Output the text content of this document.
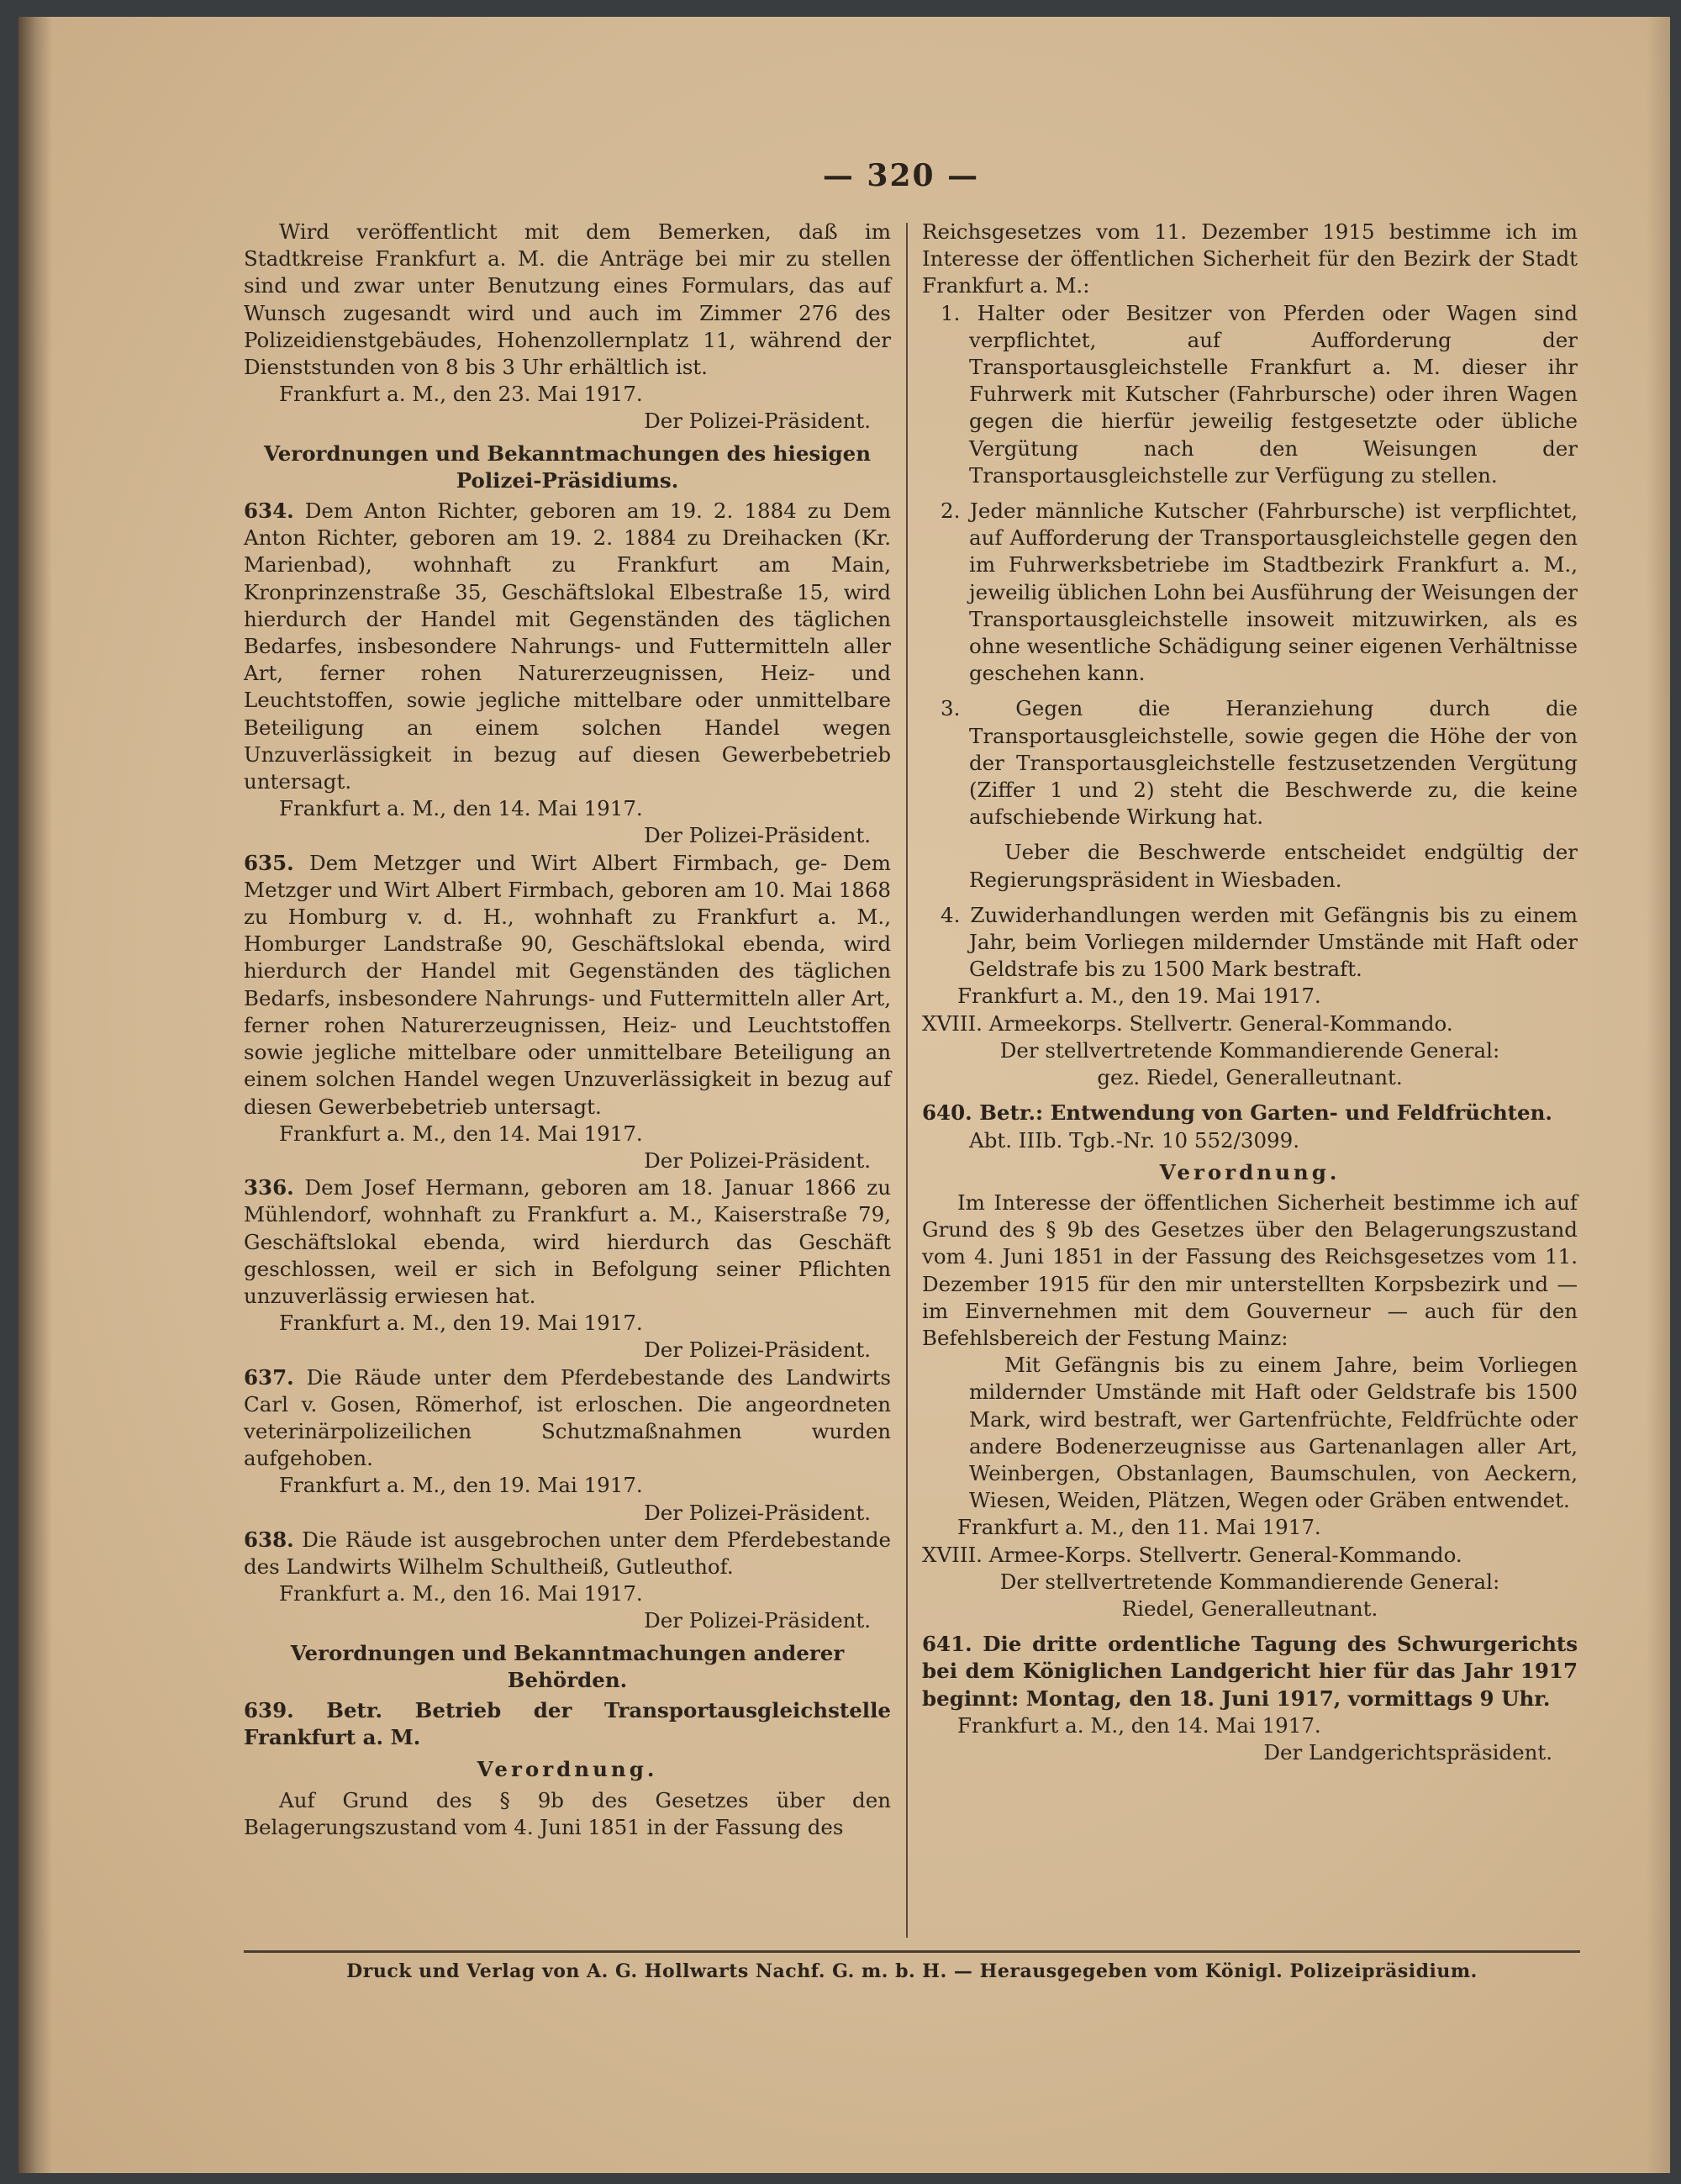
— 320 —

Wird veröffentlicht mit dem Bemerken, daß im Stadtkreise Frankfurt a. M. die Anträge bei mir zu stellen sind und zwar unter Benutzung eines Formulars, das auf Wunsch zugesandt wird und auch im Zimmer 276 des Polizeidienstgebäudes, Hohenzollernplatz 11, während der Dienststunden von 8 bis 3 Uhr erhältlich ist.

Frankfurt a. M., den 23. Mai 1917.

Der Polizei-Präsident.

Verordnungen und Bekanntmachungen des hiesigen Polizei-Präsidiums.

634. Dem Anton Richter, geboren am 19. 2. 1884 zu Dem Anton Richter, geboren am 19. 2. 1884 zu Dreihacken (Kr. Marienbad), wohnhaft zu Frankfurt am Main, Kronprinzenstraße 35, Geschäftslokal Elbestraße 15, wird hierdurch der Handel mit Gegenständen des täglichen Bedarfes, insbesondere Nahrungs- und Futtermitteln aller Art, ferner rohen Naturerzeugnissen, Heiz- und Leuchtstoffen, sowie jegliche mittelbare oder unmittelbare Beteiligung an einem solchen Handel wegen Unzuverlässigkeit in bezug auf diesen Gewerbebetrieb untersagt.

Frankfurt a. M., den 14. Mai 1917.

Der Polizei-Präsident.

635. Dem Metzger und Wirt Albert Firmbach, ge- Dem Metzger und Wirt Albert Firmbach, geboren am 10. Mai 1868 zu Homburg v. d. H., wohnhaft zu Frankfurt a. M., Homburger Landstraße 90, Geschäftslokal ebenda, wird hierdurch der Handel mit Gegenständen des täglichen Bedarfs, insbesondere Nahrungs- und Futtermitteln aller Art, ferner rohen Naturerzeugnissen, Heiz- und Leuchtstoffen sowie jegliche mittelbare oder unmittelbare Beteiligung an einem solchen Handel wegen Unzuverlässigkeit in bezug auf diesen Gewerbebetrieb untersagt.

Frankfurt a. M., den 14. Mai 1917.

Der Polizei-Präsident.

336. Dem Josef Hermann, geboren am 18. Januar 1866 zu Mühlendorf, wohnhaft zu Frankfurt a. M., Kaiserstraße 79, Geschäftslokal ebenda, wird hierdurch das Geschäft geschlossen, weil er sich in Befolgung seiner Pflichten unzuverlässig erwiesen hat.

Frankfurt a. M., den 19. Mai 1917.

Der Polizei-Präsident.

637. Die Räude unter dem Pferdebestande des Landwirts Carl v. Gosen, Römerhof, ist erloschen. Die angeordneten veterinärpolizeilichen Schutzmaßnahmen wurden aufgehoben.

Frankfurt a. M., den 19. Mai 1917.

Der Polizei-Präsident.

638. Die Räude ist ausgebrochen unter dem Pferdebestande des Landwirts Wilhelm Schultheiß, Gutleuthof.

Frankfurt a. M., den 16. Mai 1917.

Der Polizei-Präsident.

Verordnungen und Bekanntmachungen anderer Behörden.

639. Betr. Betrieb der Transportausgleichstelle Frankfurt a. M.

Verordnung.

Auf Grund des § 9b des Gesetzes über den Belagerungszustand vom 4. Juni 1851 in der Fassung des

Reichsgesetzes vom 11. Dezember 1915 bestimme ich im Interesse der öffentlichen Sicherheit für den Bezirk der Stadt Frankfurt a. M.:

1. Halter oder Besitzer von Pferden oder Wagen sind verpflichtet, auf Aufforderung der Transportausgleichstelle Frankfurt a. M. dieser ihr Fuhrwerk mit Kutscher (Fahrbursche) oder ihren Wagen gegen die hierfür jeweilig festgesetzte oder übliche Vergütung nach den Weisungen der Transportausgleichstelle zur Verfügung zu stellen.

2. Jeder männliche Kutscher (Fahrbursche) ist verpflichtet, auf Aufforderung der Transportausgleichstelle gegen den im Fuhrwerksbetriebe im Stadtbezirk Frankfurt a. M., jeweilig üblichen Lohn bei Ausführung der Weisungen der Transportausgleichstelle insoweit mitzuwirken, als es ohne wesentliche Schädigung seiner eigenen Verhältnisse geschehen kann.

3. Gegen die Heranziehung durch die Transportausgleichstelle, sowie gegen die Höhe der von der Transportausgleichstelle festzusetzenden Vergütung (Ziffer 1 und 2) steht die Beschwerde zu, die keine aufschiebende Wirkung hat.

Ueber die Beschwerde entscheidet endgültig der Regierungspräsident in Wiesbaden.

4. Zuwiderhandlungen werden mit Gefängnis bis zu einem Jahr, beim Vorliegen mildernder Umstände mit Haft oder Geldstrafe bis zu 1500 Mark bestraft.

Frankfurt a. M., den 19. Mai 1917.

XVIII. Armeekorps. Stellvertr. General-Kommando.

Der stellvertretende Kommandierende General:

gez. Riedel, Generalleutnant.

640. Betr.: Entwendung von Garten- und Feldfrüchten.

Abt. IIIb. Tgb.-Nr. 10 552/3099.

Verordnung.

Im Interesse der öffentlichen Sicherheit bestimme ich auf Grund des § 9b des Gesetzes über den Belagerungszustand vom 4. Juni 1851 in der Fassung des Reichsgesetzes vom 11. Dezember 1915 für den mir unterstellten Korpsbezirk und — im Einvernehmen mit dem Gouverneur — auch für den Befehlsbereich der Festung Mainz:

Mit Gefängnis bis zu einem Jahre, beim Vorliegen mildernder Umstände mit Haft oder Geldstrafe bis 1500 Mark, wird bestraft, wer Gartenfrüchte, Feldfrüchte oder andere Bodenerzeugnisse aus Gartenanlagen aller Art, Weinbergen, Obstanlagen, Baumschulen, von Aeckern, Wiesen, Weiden, Plätzen, Wegen oder Gräben entwendet.

Frankfurt a. M., den 11. Mai 1917.

XVIII. Armee-Korps. Stellvertr. General-Kommando.

Der stellvertretende Kommandierende General:

Riedel, Generalleutnant.

641. Die dritte ordentliche Tagung des Schwurgerichts bei dem Königlichen Landgericht hier für das Jahr 1917 beginnt: Montag, den 18. Juni 1917, vormittags 9 Uhr.

Frankfurt a. M., den 14. Mai 1917.

Der Landgerichtspräsident.

Druck und Verlag von A. G. Hollwarts Nachf. G. m. b. H. — Herausgegeben vom Königl. Polizeipräsidium.
